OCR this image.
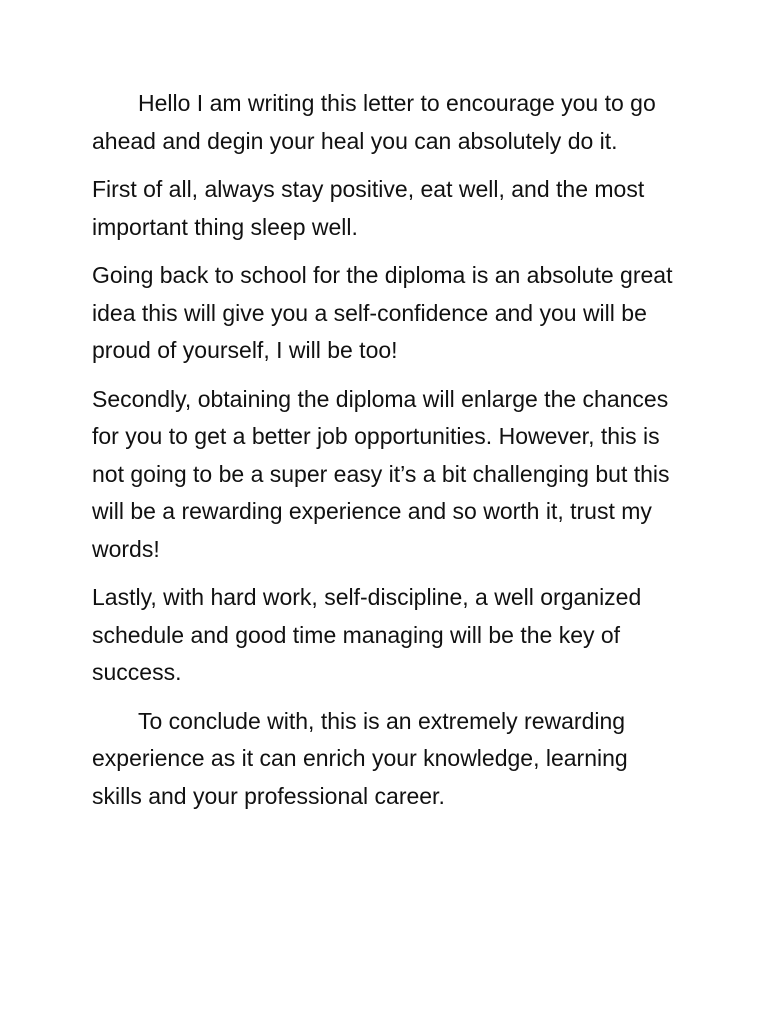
Hello I am writing this letter to encourage you to go ahead and degin your heal you can absolutely do it.

First of all, always stay positive, eat well, and the most important thing sleep well.

Going back to school for the diploma is an absolute great idea this will give you a self-confidence and you will be proud of yourself, I will be too!

Secondly, obtaining the diploma will enlarge the chances for you to get a better job opportunities. However, this is not going to be a super easy it’s a bit challenging but this will be a rewarding experience and so worth it, trust my words!

Lastly, with hard work, self-discipline, a well organized schedule and good time managing will be the key of success.

To conclude with, this is an extremely rewarding experience as it can enrich your knowledge, learning skills and your professional career.
